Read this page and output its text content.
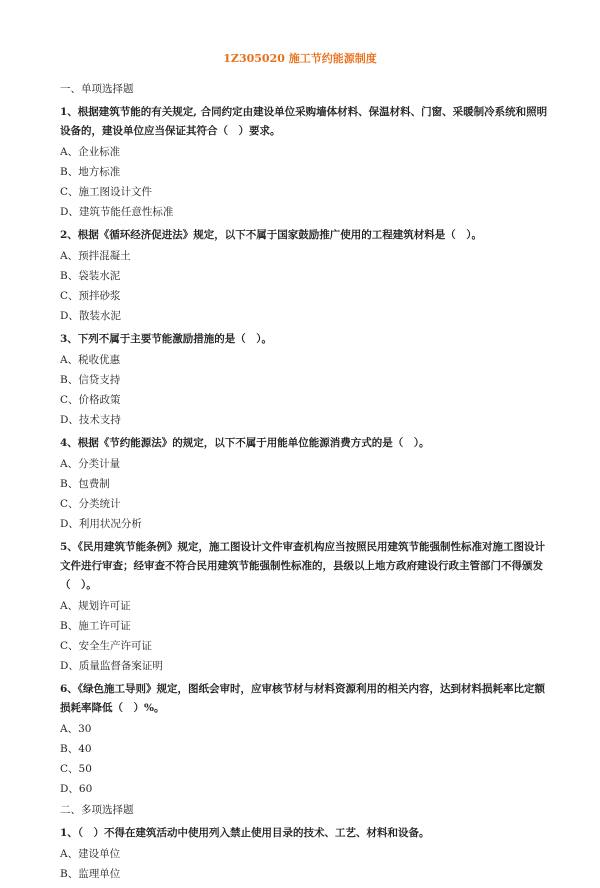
1Z305020 施工节约能源制度
一、单项选择题
1、根据建筑节能的有关规定, 合同约定由建设单位采购墙体材料、保温材料、门窗、采暖制冷系统和照明设备的，建设单位应当保证其符合（　）要求。
A、企业标准
B、地方标准
C、施工图设计文件
D、建筑节能任意性标准
2、根据《循环经济促进法》规定，以下不属于国家鼓励推广使用的工程建筑材料是（　）。
A、预拌混凝土
B、袋装水泥
C、预拌砂浆
D、散装水泥
3、下列不属于主要节能激励措施的是（　）。
A、税收优惠
B、信贷支持
C、价格政策
D、技术支持
4、根据《节约能源法》的规定，以下不属于用能单位能源消费方式的是（　）。
A、分类计量
B、包费制
C、分类统计
D、利用状况分析
5、《民用建筑节能条例》规定，施工图设计文件审查机构应当按照民用建筑节能强制性标准对施工图设计文件进行审查；经审查不符合民用建筑节能强制性标准的，县级以上地方政府建设行政主管部门不得颁发（　）。
A、规划许可证
B、施工许可证
C、安全生产许可证
D、质量监督备案证明
6、《绿色施工导则》规定，图纸会审时，应审核节材与材料资源利用的相关内容，达到材料损耗率比定额损耗率降低（　）%。
A、30
B、40
C、50
D、60
二、多项选择题
1、（　）不得在建筑活动中使用列入禁止使用目录的技术、工艺、材料和设备。
A、建设单位
B、监理单位
